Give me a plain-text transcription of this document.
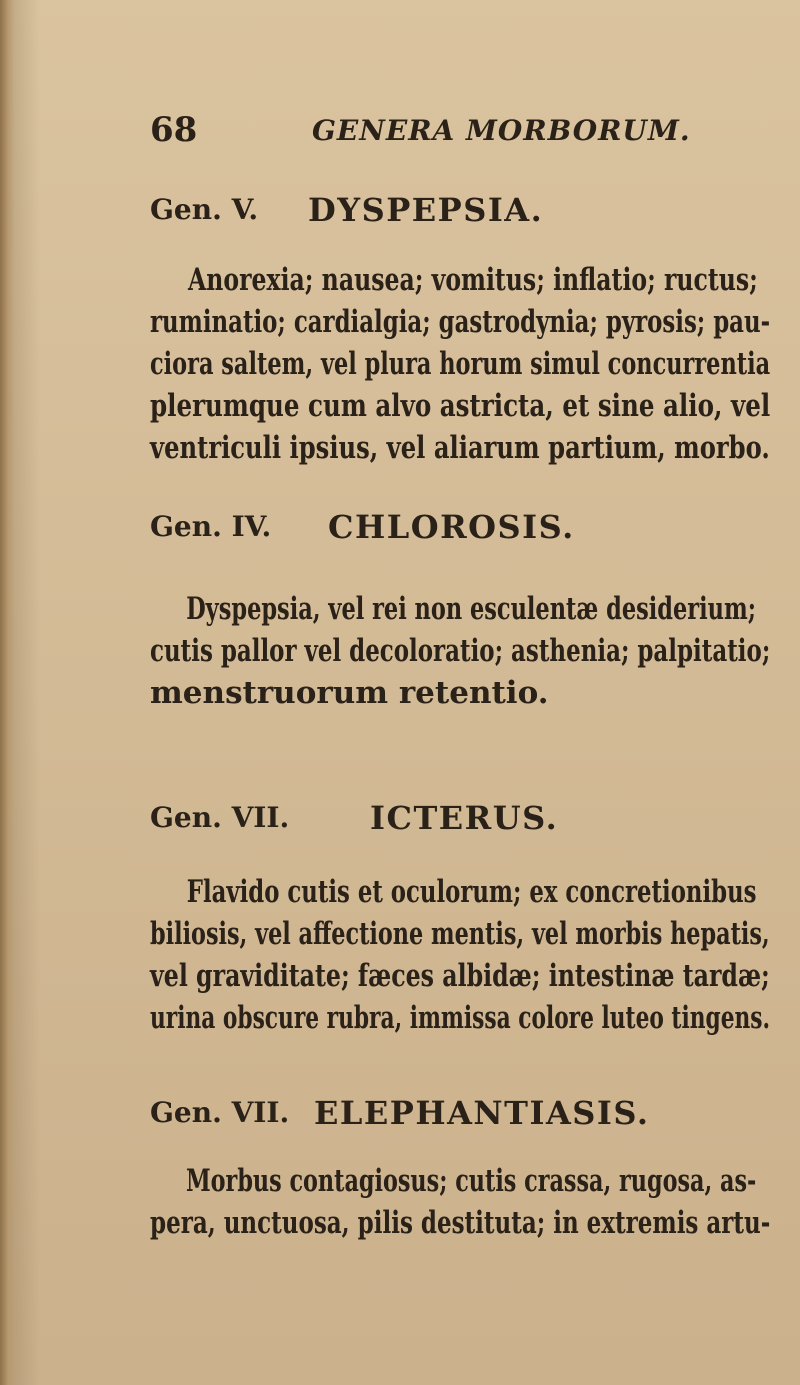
68	GENERA MORBORUM.
Gen. V. DYSPEPSIA.

Anorexia; nausea; vomitus; inflatio; ructus;
ruminatio; cardialgia; gastrodynia; pyrosis; pau-
ciora saltem, vel plura horum simul concurrentia
plerumque cum alvo astricta, et sine alio, vel
ventriculi ipsius, vel aliarum partium, morbo.

Gen. IV. CHLOROSIS.

Dyspepsia, vel rei non esculentæ desiderium;
cutis pallor vel decoloratio; asthenia; palpitatio;
menstruorum retentio.

Gen. VII.	ICTERUS.

Flavido cutis et oculorum; ex concretionibus
biliosis, vel affectione mentis, vel morbis hepatis,
vel graviditate; fæces albidæ; intestinæ tardæ;
urina obscure rubra, immissa colore luteo tingens.

Gen. VII. ELEPHANTIASIS.

Morbus contagiosus; cutis crassa, rugosa, as-
pera, unctuosa, pilis destituta; in extremis artu-
